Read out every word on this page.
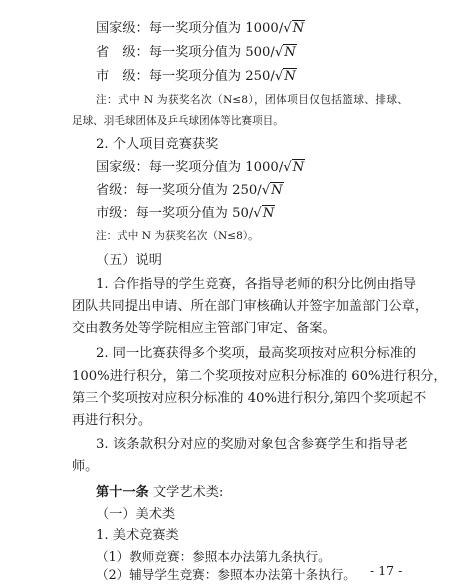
国家级：每一奖项分值为 1000/√N
省　级：每一奖项分值为 500/√N
市　级：每一奖项分值为 250/√N
注：式中 N 为获奖名次（N≤8），团体项目仅包括篮球、排球、
足球、羽毛球团体及乒乓球团体等比赛项目。
2. 个人项目竞赛获奖
国家级：每一奖项分值为 1000/√N
省级：每一奖项分值为 250/√N
市级：每一奖项分值为 50/√N
注：式中 N 为获奖名次（N≤8）。
（五）说明
1. 合作指导的学生竞赛，各指导老师的积分比例由指导
团队共同提出申请、所在部门审核确认并签字加盖部门公章，
交由教务处等学院相应主管部门审定、备案。
2. 同一比赛获得多个奖项，最高奖项按对应积分标准的
100%进行积分，第二个奖项按对应积分标准的 60%进行积分，
第三个奖项按对应积分标准的 40%进行积分,第四个奖项起不
再进行积分。
3. 该条款积分对应的奖励对象包含参赛学生和指导老
师。
第十一条 文学艺术类:
（一）美术类
1. 美术竞赛类
（1）教师竞赛：参照本办法第九条执行。
（2）辅导学生竞赛：参照本办法第十条执行。 - 17 -
